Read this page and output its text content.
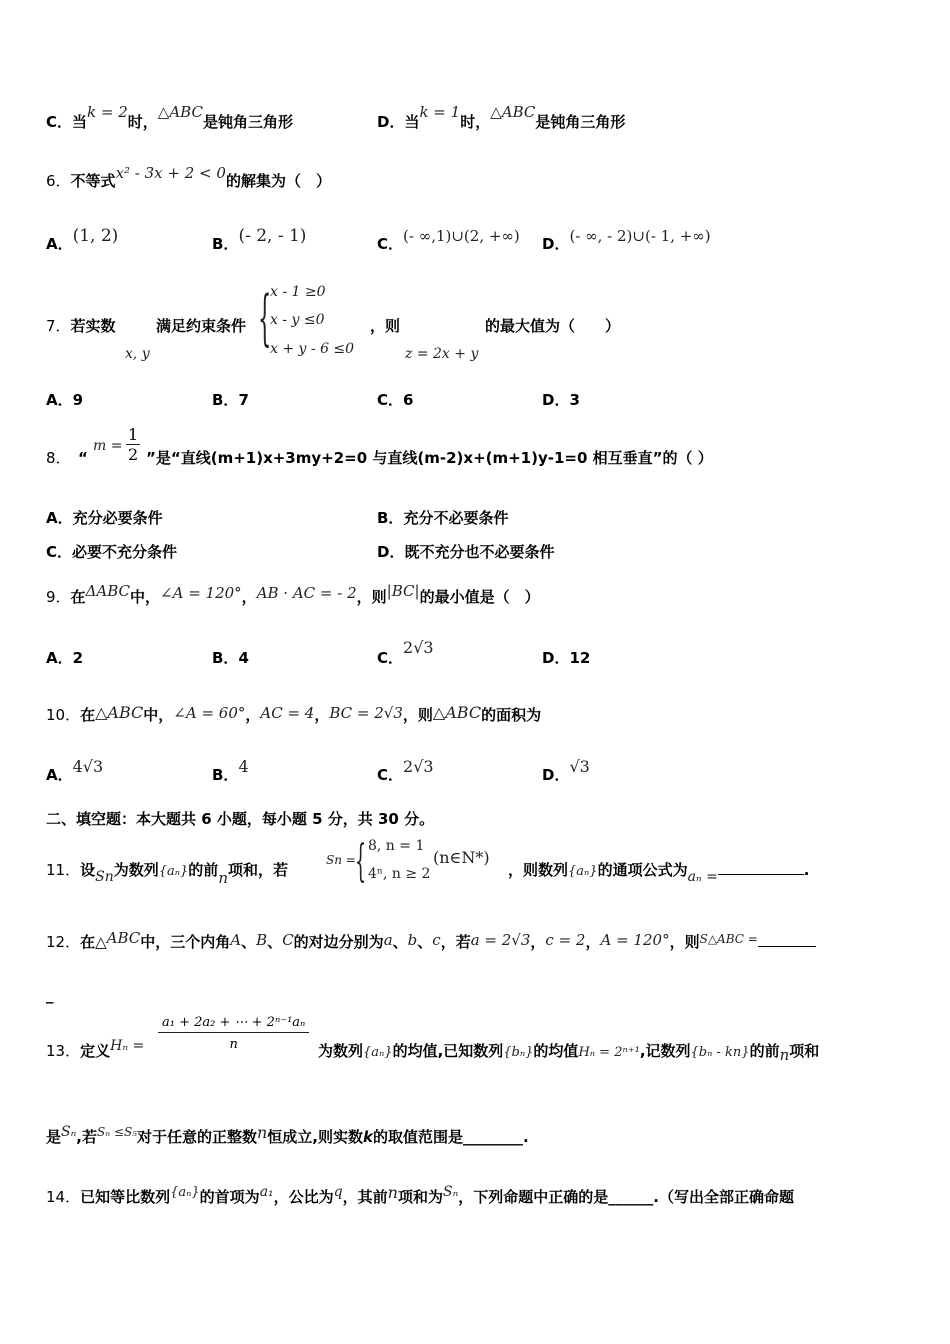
C．当k = 2时，△ABC是钝角三角形	D．当k = 1时，△ABC是钝角三角形
6．不等式x² - 3x + 2 < 0的解集为（　）
A．(1, 2)	B．(- 2, - 1)	C．(- ∞,1)∪(2, +∞) D．(- ∞, - 2)∪(- 1, +∞)
7．若实数
x, y
满足约束条件 {
x - 1 ≥0
x - y ≤0
x + y - 6 ≤0
，则
z = 2x + y
的最大值为（　　）
A．9	B．7	C．6	D．3
8． “
$m = \frac{1}{2}$ ”是“直线(m+1)x+3my+2=0 与直线(m-2)x+(m+1)y-1=0 相互垂直”的（ ）
A．充分必要条件	B．充分不必要条件
C．必要不充分条件	D．既不充分也不必要条件
9．在ΔABC中，∠A = 120°，AB · AC = - 2，则|BC|的最小值是（　）
A．2	B．4	C．2√3
D．12
10．在△ABC中，∠A = 60°，AC = 4，BC = 2√3，则△ABC的面积为
A．4√3	B．4	C．2√3	D．√3
二、填空题：本大题共 6 小题，每小题 5 分，共 30 分。
11．设Sn为数列{aₙ}的前n项和，若
Sn = { 8, n = 1
4ⁿ, n ≥ 2
(n∈N*)
，则数列{aₙ}的通项公式为aₙ =	.
12．在△ABC中，三个内角A、B、C的对边分别为a、b、c，若a = 2√3，c = 2，A = 120°，则$^{S\triangle ABC =}$
_
13．定义$H_n = \frac{\text{a₁ + 2a₂ + ⋯ + 2ⁿ⁻¹aₙ}}{n}$ 为数列{aₙ}的均值,已知数列{bₙ}的均值Hₙ = 2ⁿ⁺¹,记数列{bₙ - kn}的前n项和
是Sₙ,若$^{S_n \le S_5}$对于任意的正整数n恒成立,则实数k的取值范围是________.
14．已知等比数列{aₙ}的首项为a₁，公比为q，其前n项和为Sₙ，下列命题中正确的是______.（写出全部正确命题
